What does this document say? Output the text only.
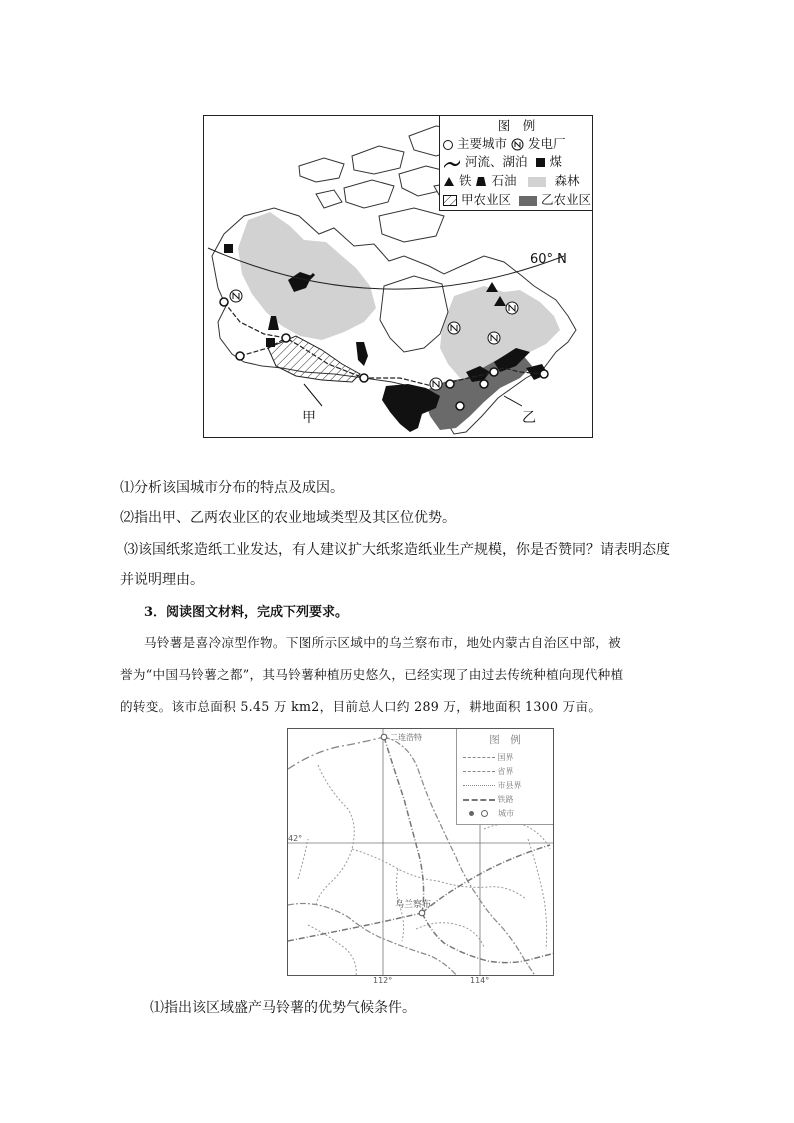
60° N
甲	乙
图　例
主要城市 发电厂
河流、湖泊 煤
铁 石油	森林
甲农业区 乙农业区
⑴分析该国城市分布的特点及成因。
⑵指出甲、乙两农业区的农业地域类型及其区位优势。
⑶该国纸浆造纸工业发达，有人建议扩大纸浆造纸业生产规模，你是否赞同？请表明态度
并说明理由。
3．阅读图文材料，完成下列要求。
马铃薯是喜冷凉型作物。下图所示区域中的乌兰察布市，地处内蒙古自治区中部，被
誉为“中国马铃薯之都”，其马铃薯种植历史悠久，已经实现了由过去传统种植向现代种植
的转变。该市总面积 5.45 万 km2，目前总人口约 289 万，耕地面积 1300 万亩。
二连浩特
乌兰察布
42°
图　例
国界
省界
市县界
铁路
城市
112°	114°
⑴指出该区域盛产马铃薯的优势气候条件。
